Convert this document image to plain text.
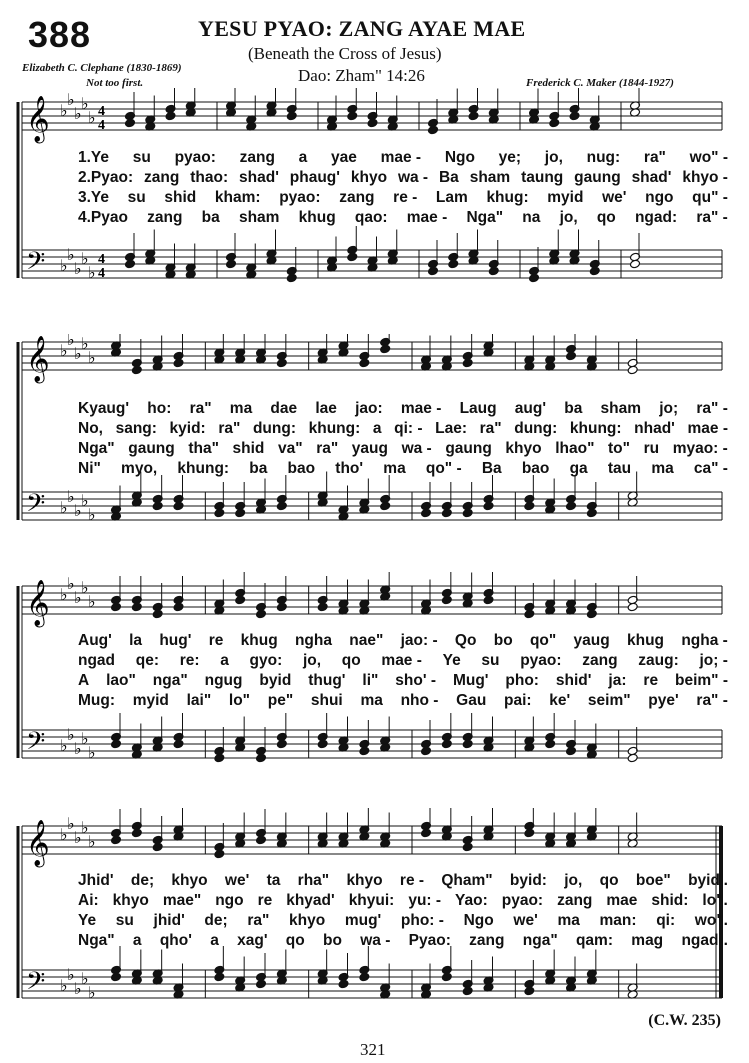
388	YESU PYAO: ZANG AYAE MAE
(Beneath the Cross of Jesus)
Dao: Zham" 14:26
Elizabeth C. Clephane (1830-1869)
Not too first.	Frederick C. Maker (1844-1927)
𝄞 ♭
♭
♭
♭
♭ 4
4
𝄢 ♭
♭
♭
♭
♭
4
4
1.Ye su pyao: zang a yae mae - Ngo ye; jo, nug: ra" wo" -
2.Pyao: zang thao: shad' phaug' khyo wa - Ba sham taung gaung shad' khyo -
3.Ye su shid kham: pyao: zang re - Lam khug: myid we' ngo qu" -
4.Pyao zang ba sham khug qao: mae - Nga" na jo, qo ngad: ra" -
𝄞 ♭
♭
♭
♭
♭
𝄢 ♭
♭
♭
♭
♭
Kyaug' ho: ra" ma dae lae jao: mae - Laug aug' ba sham jo; ra" -
No, sang: kyid: ra" dung: khung: a qi: - Lae: ra" dung: khung: nhad' mae -
Nga" gaung tha" shid va" ra" yaug wa - gaung khyo lhao" to" ru myao: -
Ni" myo, khung: ba bao tho' ma qo" - Ba bao ga tau ma ca" -
𝄞 ♭
♭
♭
♭
♭
𝄢 ♭
♭
♭
♭
♭
Aug' la hug' re khug ngha nae" jao: - Qo bo qo" yaug khug ngha -
ngad qe: re: a gyo: jo, qo mae - Ye su pyao: zang zaug: jo; -
A lao" nga" ngug byid thug' li" sho' - Mug' pho: shid' ja: re beim" -
Mug: myid lai" lo" pe" shui ma nho - Gau pai: ke' seim" pye' ra" -
𝄞 ♭
♭
♭
♭
♭
𝄢 ♭
♭
♭
♭
♭
Jhid' de; khyo we' ta rha" khyo re - Qham" byid: jo, qo boe" byid'.
Ai: khyo mae" ngo re khyad' khyui: yu: - Yao: pyao: zang mae shid: lo".
Ye su jhid' de; ra" khyo mug' pho: - Ngo we' ma man: qi: wo".
Nga" a qho' a xag' qo bo wa - Pyao: zang nga" qam: mag ngad:.
(C.W. 235)
321
